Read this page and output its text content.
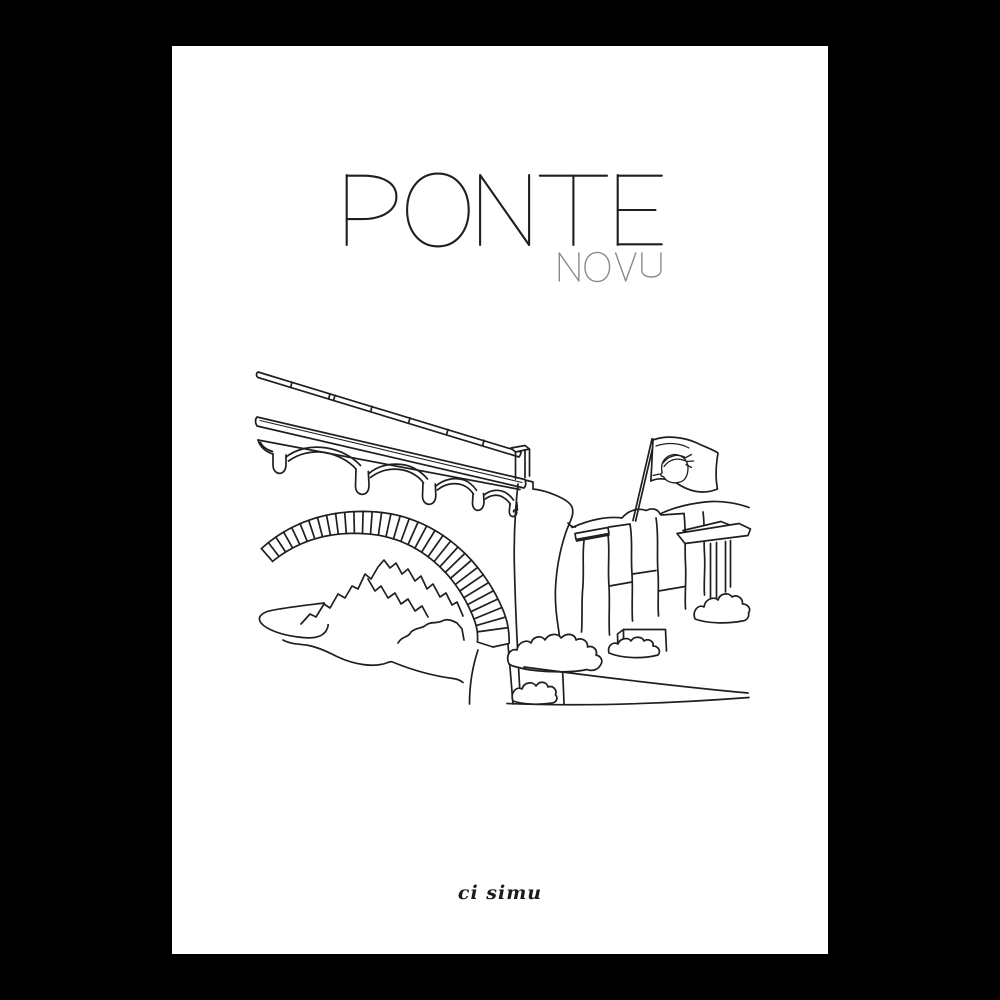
ci simu
